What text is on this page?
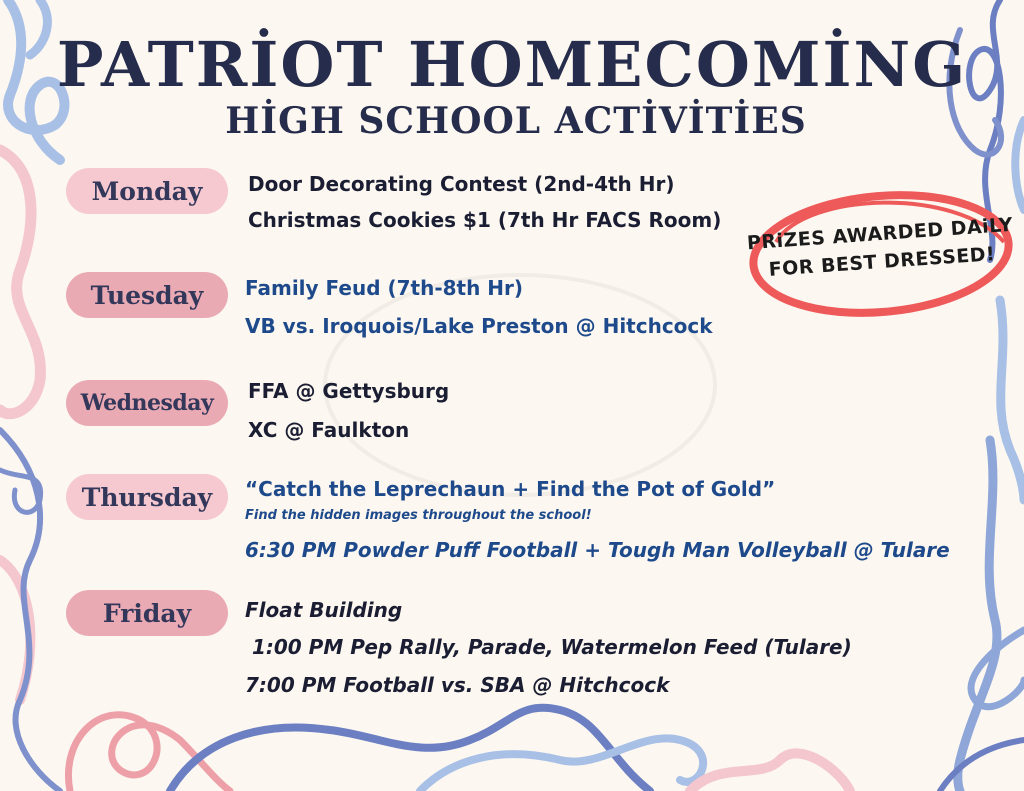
PATRİOT HOMECOMİNG
HİGH SCHOOL ACTİVİTİES
PRiZES AWARDED DAiLY
FOR BEST DRESSED!
Monday	Door Decorating Contest (2nd-4th Hr)

Christmas Cookies $1 (7th Hr FACS Room)

Tuesday	Family Feud (7th-8th Hr)

VB vs. Iroquois/Lake Preston @ Hitchcock

Wednesday	FFA @ Gettysburg

XC @ Faulkton

Thursday	“Catch the Leprechaun + Find the Pot of Gold”

Find the hidden images throughout the school!

6:30 PM Powder Puff Football + Tough Man Volleyball @ Tulare

Friday	Float Building

1:00 PM Pep Rally, Parade, Watermelon Feed (Tulare)

7:00 PM Football vs. SBA @ Hitchcock
